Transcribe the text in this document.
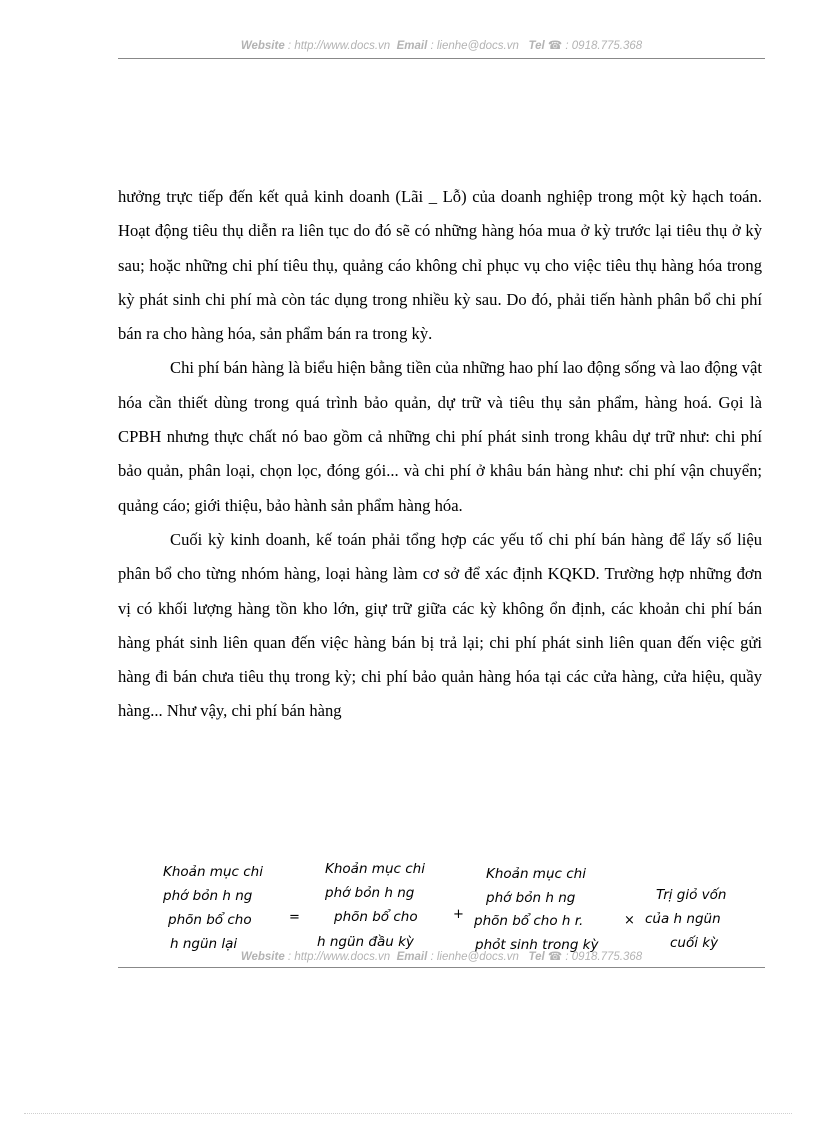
Website : http://www.docs.vn Email : lienhe@docs.vn Tel ☎ : 0918.775.368

hưởng trực tiếp đến kết quả kinh doanh (Lãi _ Lỗ) của doanh nghiệp trong một kỳ hạch toán. Hoạt động tiêu thụ diễn ra liên tục do đó sẽ có những hàng hóa mua ở kỳ trước lại tiêu thụ ở kỳ sau; hoặc những chi phí tiêu thụ, quảng cáo không chỉ phục vụ cho việc tiêu thụ hàng hóa trong kỳ phát sinh chi phí mà còn tác dụng trong nhiều kỳ sau. Do đó, phải tiến hành phân bổ chi phí bán ra cho hàng hóa, sản phẩm bán ra trong kỳ.

Chi phí bán hàng là biểu hiện bằng tiền của những hao phí lao động sống và lao động vật hóa cần thiết dùng trong quá trình bảo quản, dự trữ và tiêu thụ sản phẩm, hàng hoá. Gọi là CPBH nhưng thực chất nó bao gồm cả những chi phí phát sinh trong khâu dự trữ như: chi phí bảo quản, phân loại, chọn lọc, đóng gói... và chi phí ở khâu bán hàng như: chi phí vận chuyển; quảng cáo; giới thiệu, bảo hành sản phẩm hàng hóa.

Cuối kỳ kinh doanh, kế toán phải tổng hợp các yếu tố chi phí bán hàng để lấy số liệu phân bổ cho từng nhóm hàng, loại hàng làm cơ sở để xác định KQKD. Trường hợp những đơn vị có khối lượng hàng tồn kho lớn, giự trữ giữa các kỳ không ổn định, các khoản chi phí bán hàng phát sinh liên quan đến việc hàng bán bị trả lại; chi phí phát sinh liên quan đến việc gửi hàng đi bán chưa tiêu thụ trong kỳ; chi phí bảo quản hàng hóa tại các cửa hàng, cửa hiệu, quầy hàng... Như vậy, chi phí bán hàng

Khoản mục chi
phớ bỏn h ng
phõn bổ cho
h ngün lại
=
Khoản mục chi
phớ bỏn h ng
phõn bổ cho
h ngün đầu kỳ
+
Khoản mục chi
phớ bỏn h ng
phõn bổ cho h r.
phỏt sinh trong kỳ
×
Trị giỏ vốn
của h ngün
cuối kỳ
Website : http://www.docs.vn Email : lienhe@docs.vn Tel ☎ : 0918.775.368
